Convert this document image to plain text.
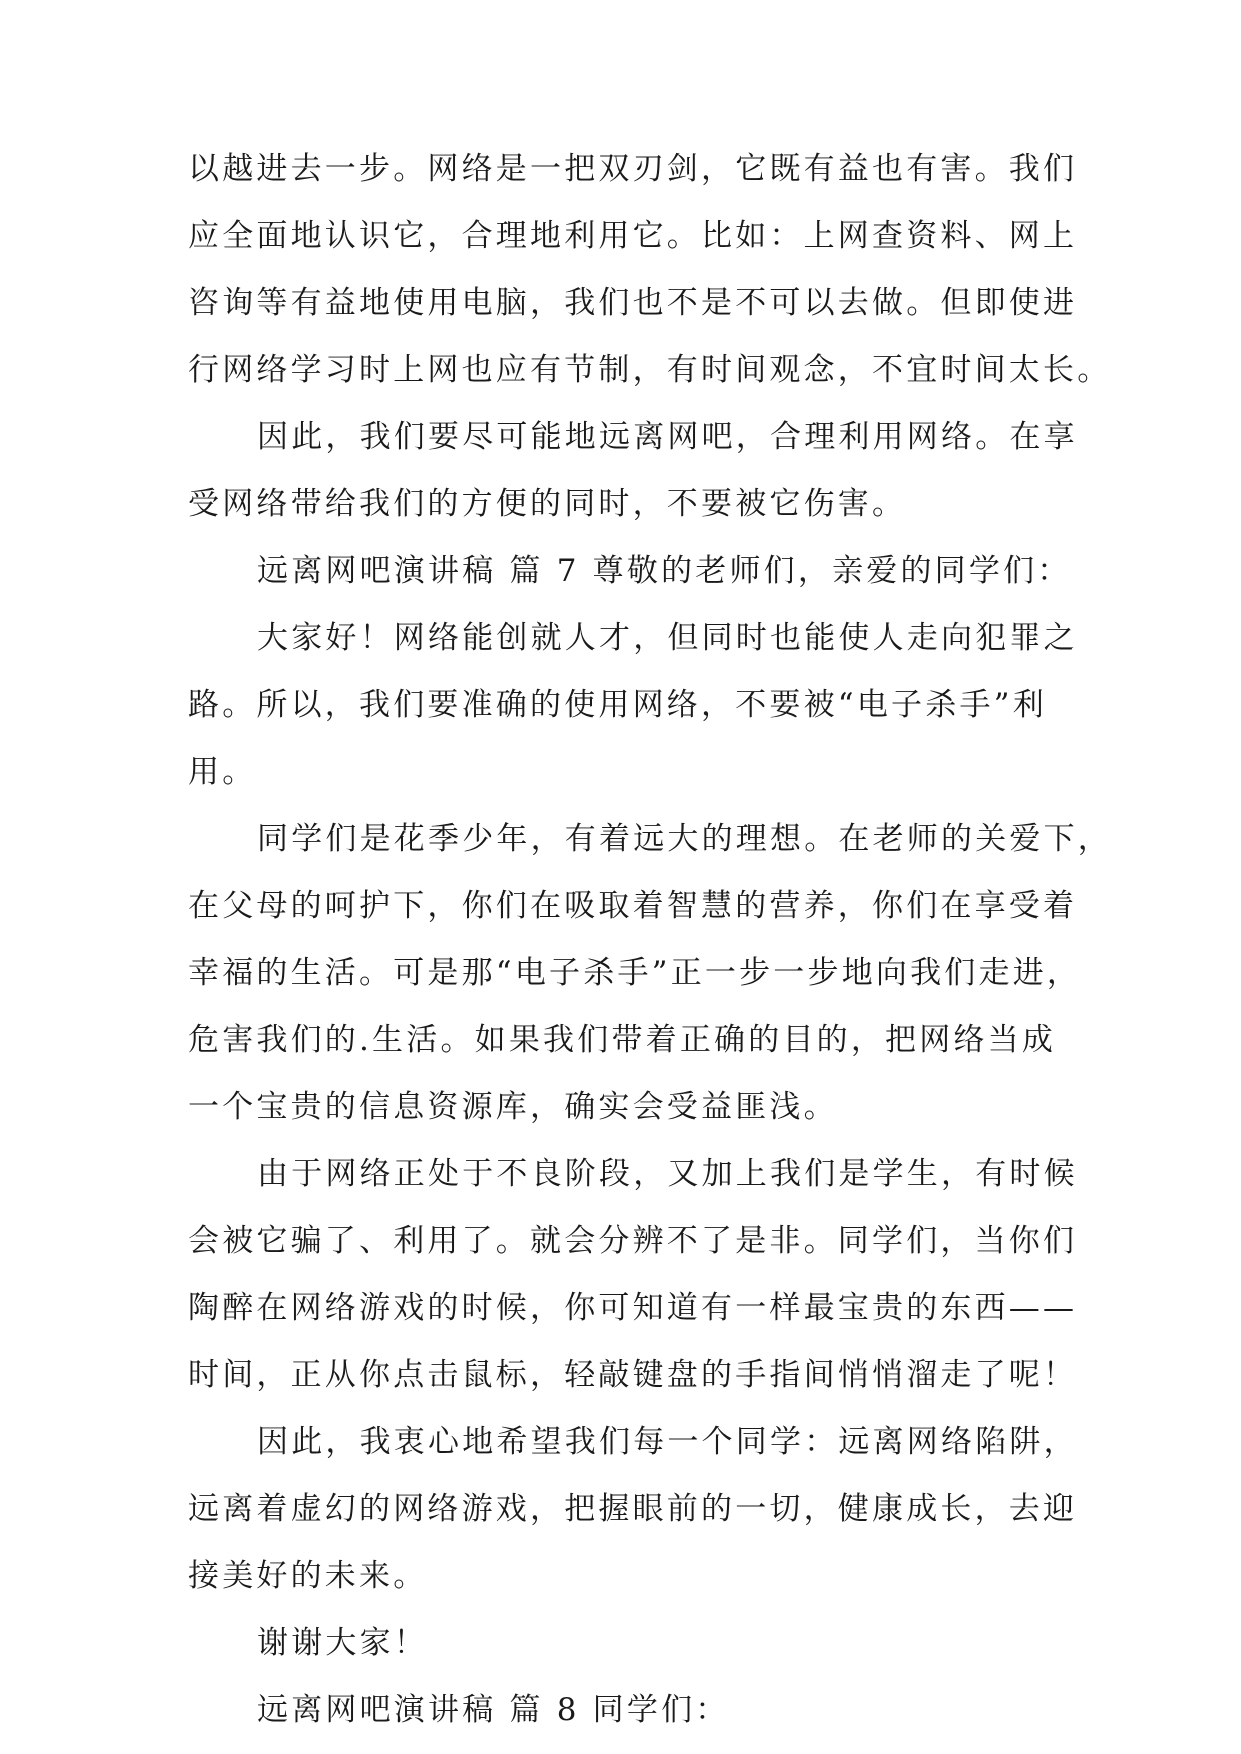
以越进去一步。网络是一把双刃剑，它既有益也有害。我们
应全面地认识它，合理地利用它。比如：上网查资料、网上
咨询等有益地使用电脑，我们也不是不可以去做。但即使进
行网络学习时上网也应有节制，有时间观念，不宜时间太长。
因此，我们要尽可能地远离网吧，合理利用网络。在享
受网络带给我们的方便的同时，不要被它伤害。
远离网吧演讲稿 篇 7 尊敬的老师们，亲爱的同学们：
大家好！网络能创就人才，但同时也能使人走向犯罪之
路。所以，我们要准确的使用网络，不要被“电子杀手”利
用。
同学们是花季少年，有着远大的理想。在老师的关爱下，
在父母的呵护下，你们在吸取着智慧的营养，你们在享受着
幸福的生活。可是那“电子杀手”正一步一步地向我们走进，
危害我们的.生活。如果我们带着正确的目的，把网络当成
一个宝贵的信息资源库，确实会受益匪浅。
由于网络正处于不良阶段，又加上我们是学生，有时候
会被它骗了、利用了。就会分辨不了是非。同学们，当你们
陶醉在网络游戏的时候，你可知道有一样最宝贵的东西——
时间，正从你点击鼠标，轻敲键盘的手指间悄悄溜走了呢！
因此，我衷心地希望我们每一个同学：远离网络陷阱，
远离着虚幻的网络游戏，把握眼前的一切，健康成长，去迎
接美好的未来。
谢谢大家！
远离网吧演讲稿 篇 8 同学们：
